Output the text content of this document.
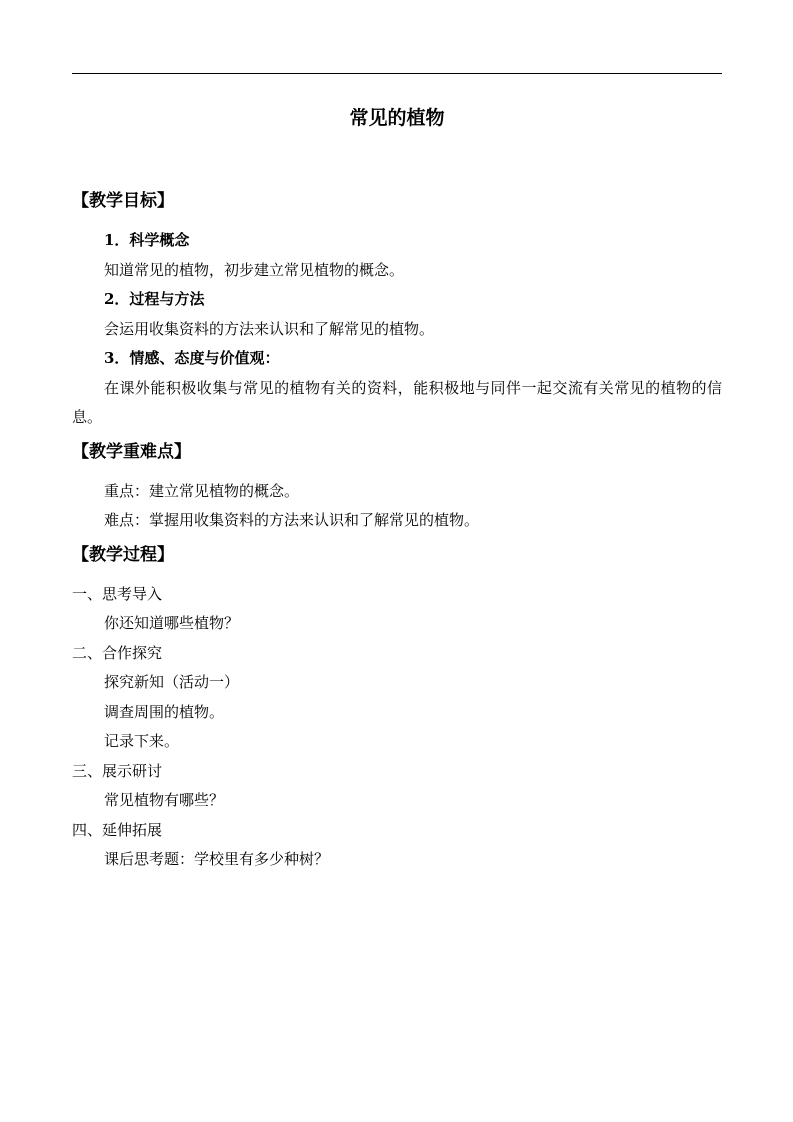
常见的植物

【教学目标】

1．科学概念

知道常见的植物，初步建立常见植物的概念。

2．过程与方法

会运用收集资料的方法来认识和了解常见的植物。

3．情感、态度与价值观：

在课外能积极收集与常见的植物有关的资料，能积极地与同伴一起交流有关常见的植物的信息。

【教学重难点】

重点：建立常见植物的概念。

难点：掌握用收集资料的方法来认识和了解常见的植物。

【教学过程】

一、思考导入

你还知道哪些植物？

二、合作探究

探究新知（活动一）

调查周围的植物。

记录下来。

三、展示研讨

常见植物有哪些？

四、延伸拓展

课后思考题：学校里有多少种树？
